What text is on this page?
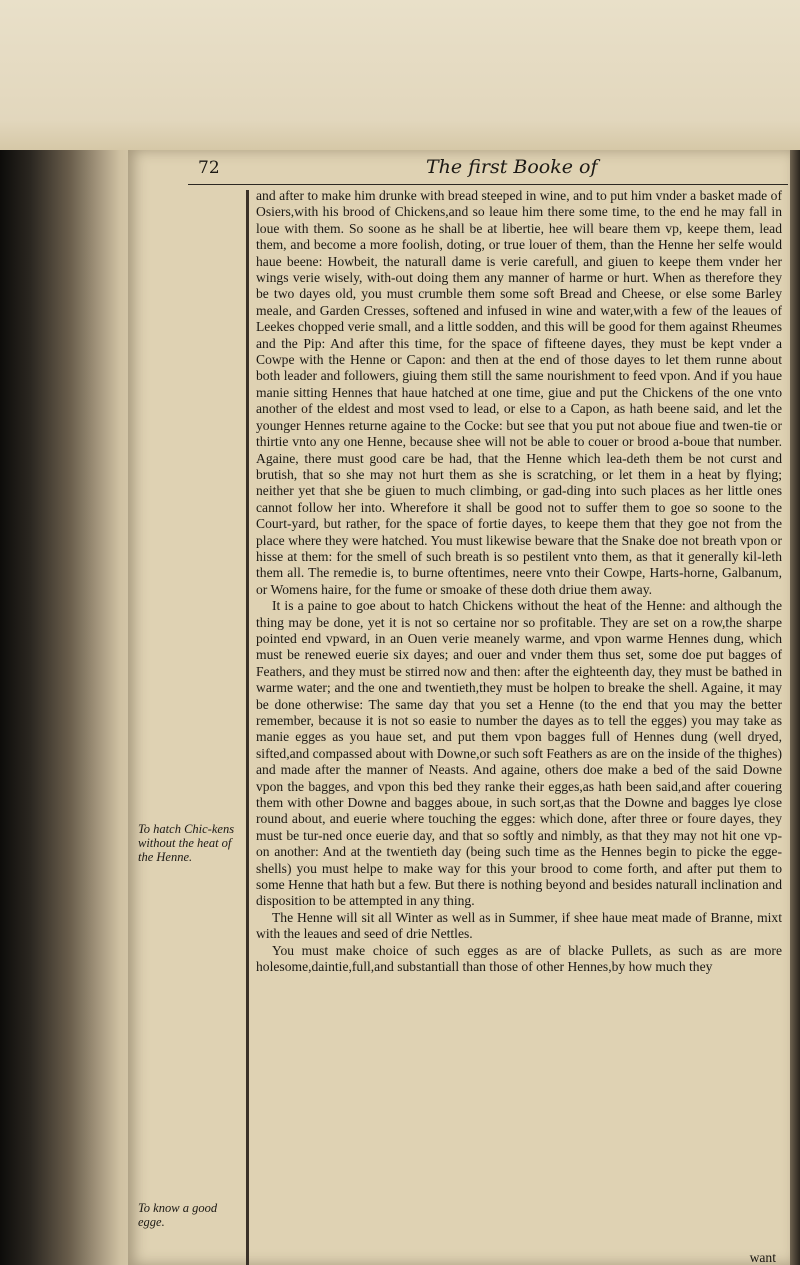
72	The first Booke of
To hatch Chic-kens without the heat of the Henne.
To know a good egge.

and after to make him drunke with bread steeped in wine, and to put him vnder a basket made of Osiers,with his brood of Chickens,and so leaue him there some time, to the end he may fall in loue with them. So soone as he shall be at libertie, hee will beare them vp, keepe them, lead them, and become a more foolish, doting, or true louer of them, than the Henne her selfe would haue beene: Howbeit, the naturall dame is verie carefull, and giuen to keepe them vnder her wings verie wisely, with-out doing them any manner of harme or hurt. When as therefore they be two dayes old, you must crumble them some soft Bread and Cheese, or else some Barley meale, and Garden Cresses, softened and infused in wine and water,with a few of the leaues of Leekes chopped verie small, and a little sodden, and this will be good for them against Rheumes and the Pip: And after this time, for the space of fifteene dayes, they must be kept vnder a Cowpe with the Henne or Capon: and then at the end of those dayes to let them runne about both leader and followers, giuing them still the same nourishment to feed vpon. And if you haue manie sitting Hennes that haue hatched at one time, giue and put the Chickens of the one vnto another of the eldest and most vsed to lead, or else to a Capon, as hath beene said, and let the younger Hennes returne againe to the Cocke: but see that you put not aboue fiue and twen-tie or thirtie vnto any one Henne, because shee will not be able to couer or brood a-boue that number. Againe, there must good care be had, that the Henne which lea-deth them be not curst and brutish, that so she may not hurt them as she is scratching, or let them in a heat by flying; neither yet that she be giuen to much climbing, or gad-ding into such places as her little ones cannot follow her into. Wherefore it shall be good not to suffer them to goe so soone to the Court-yard, but rather, for the space of fortie dayes, to keepe them that they goe not from the place where they were hatched. You must likewise beware that the Snake doe not breath vpon or hisse at them: for the smell of such breath is so pestilent vnto them, as that it generally kil-leth them all. The remedie is, to burne oftentimes, neere vnto their Cowpe, Harts-horne, Galbanum, or Womens haire, for the fume or smoake of these doth driue them away.

It is a paine to goe about to hatch Chickens without the heat of the Henne: and although the thing may be done, yet it is not so certaine nor so profitable. They are set on a row,the sharpe pointed end vpward, in an Ouen verie meanely warme, and vpon warme Hennes dung, which must be renewed euerie six dayes; and ouer and vnder them thus set, some doe put bagges of Feathers, and they must be stirred now and then: after the eighteenth day, they must be bathed in warme water; and the one and twentieth,they must be holpen to breake the shell. Againe, it may be done otherwise: The same day that you set a Henne (to the end that you may the better remember, because it is not so easie to number the dayes as to tell the egges) you may take as manie egges as you haue set, and put them vpon bagges full of Hennes dung (well dryed, sifted,and compassed about with Downe,or such soft Feathers as are on the inside of the thighes) and made after the manner of Neasts. And againe, others doe make a bed of the said Downe vpon the bagges, and vpon this bed they ranke their egges,as hath been said,and after couering them with other Downe and bagges aboue, in such sort,as that the Downe and bagges lye close round about, and euerie where touching the egges: which done, after three or foure dayes, they must be tur-ned once euerie day, and that so softly and nimbly, as that they may not hit one vp-on another: And at the twentieth day (being such time as the Hennes begin to picke the egge-shells) you must helpe to make way for this your brood to come forth, and after put them to some Henne that hath but a few. But there is nothing beyond and besides naturall inclination and disposition to be attempted in any thing.

The Henne will sit all Winter as well as in Summer, if shee haue meat made of Branne, mixt with the leaues and seed of drie Nettles.

You must make choice of such egges as are of blacke Pullets, as such as are more holesome,daintie,full,and substantiall than those of other Hennes,by how much they

want
